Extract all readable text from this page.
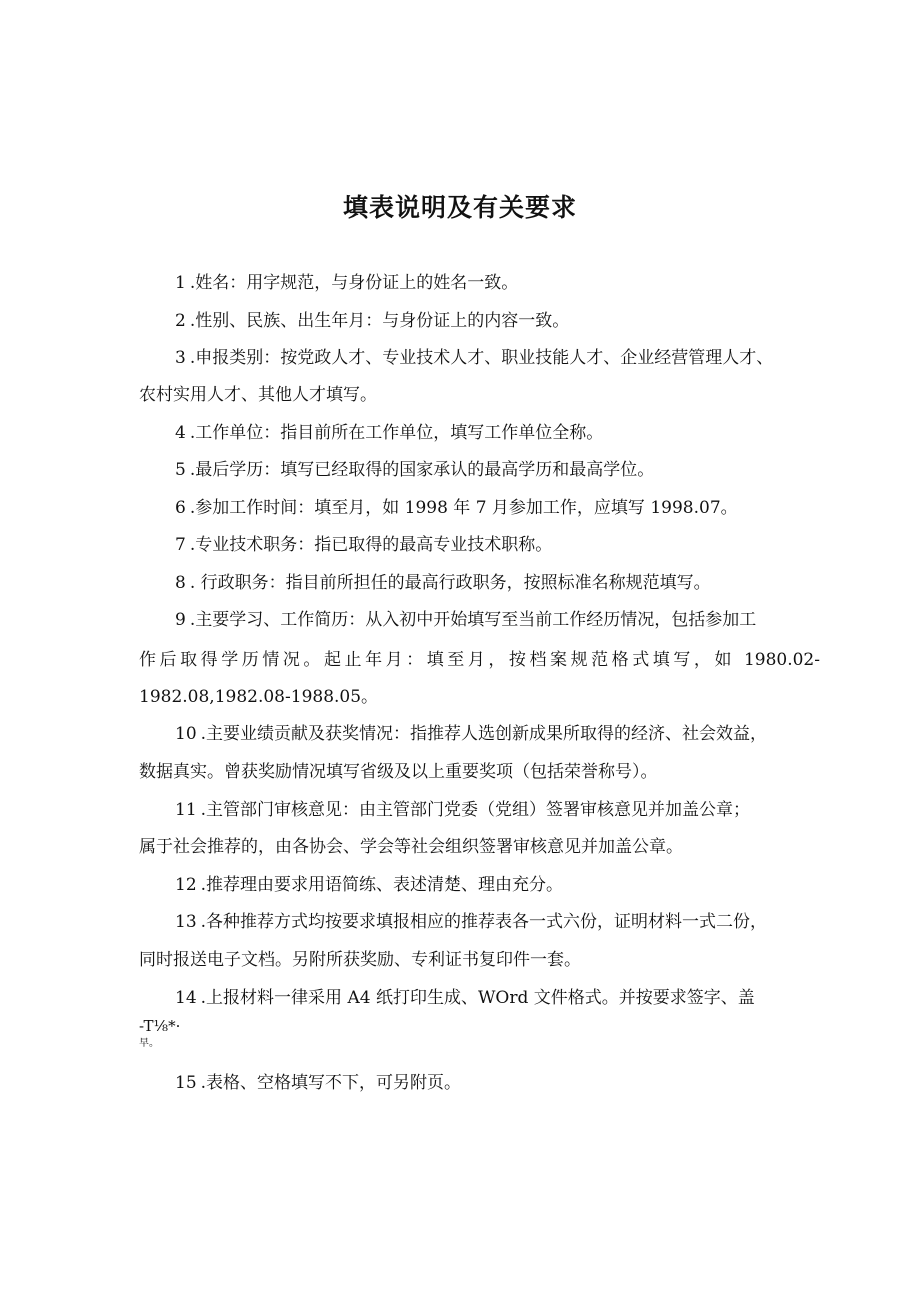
填表说明及有关要求
1 .姓名：用字规范，与身份证上的姓名一致。
2 .性别、民族、出生年月：与身份证上的内容一致。
3 .申报类别：按党政人才、专业技术人才、职业技能人才、企业经营管理人才、
农村实用人才、其他人才填写。
4 .工作单位：指目前所在工作单位，填写工作单位全称。
5 .最后学历：填写已经取得的国家承认的最高学历和最高学位。
6 .参加工作时间：填至月，如 1998 年 7 月参加工作，应填写 1998.07。
7 .专业技术职务：指已取得的最高专业技术职称。
8 . 行政职务：指目前所担任的最高行政职务，按照标准名称规范填写。
9 .主要学习、工作简历：从入初中开始填写至当前工作经历情况，包括参加工
作后取得学历情况。起止年月：填至月，按档案规范格式填写，如 1980.02-
1982.08,1982.08-1988.05。
10 .主要业绩贡献及获奖情况：指推荐人选创新成果所取得的经济、社会效益，
数据真实。曾获奖励情况填写省级及以上重要奖项（包括荣誉称号）。
11 .主管部门审核意见：由主管部门党委（党组）签署审核意见并加盖公章；
属于社会推荐的，由各协会、学会等社会组织签署审核意见并加盖公章。
12 .推荐理由要求用语简练、表述清楚、理由充分。
13 .各种推荐方式均按要求填报相应的推荐表各一式六份，证明材料一式二份，
同时报送电子文档。另附所获奖励、专利证书复印件一套。
14 .上报材料一律采用 A4 纸打印生成、WOrd 文件格式。并按要求签字、盖
-T⅛*·
早。
15 .表格、空格填写不下，可另附页。
